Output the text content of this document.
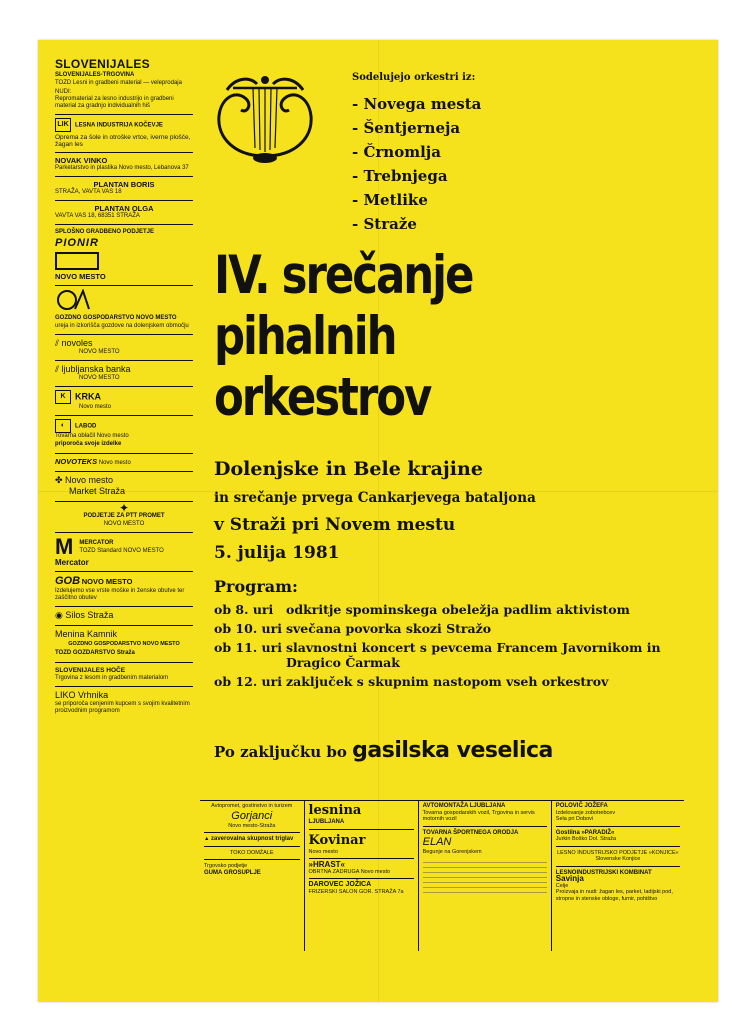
SLOVENIJALES
SLOVENIJALES-TRGOVINA
TOZD Lesni in gradbeni material — veleprodaja
NUDI:
Repromaterial za lesno industrijo in gradbeni material za gradnjo individualnih hiš
LIK LESNA INDUSTRIJA KOČEVJE
Oprema za šole in otroške vrtce, iverne plošče, žagan les
NOVAK VINKO
Parketarstvo in plastika Novo mesto, Lebanova 37
PLANTAN BORIS
STRAŽA, VAVTA VAS 18
PLANTAN OLGA
VAVTA VAS 18, 68351 STRAŽA
SPLOŠNO GRADBENO PODJETJE
PIONIR
NOVO MESTO
GOZDNO GOSPODARSTVO NOVO MESTO
ureja in izkorišča gozdove na dolenjskem območju
⫽ novoles
NOVO MESTO
⫽ ljubljanska banka
NOVO MESTO
K KRKA
Novo mesto
◐ LABOD
Tovarna oblačil Novo mesto
priporoča svoje izdelke
NOVOTEKS Novo mesto
✤ Novo mesto
Market Straža
✦
PODJETJE ZA PTT PROMET
NOVO MESTO
M MERCATOR
TOZD Standard NOVO MESTO
Mercator
GOB NOVO MESTO
Izdelujemo vse vrste moške in ženske obutve ter zaščitno obutev
◉ Silos Straža
Menina Kamnik
GOZDNO GOSPODARSTVO NOVO MESTO
TOZD GOZDARSTVO Straža
SLOVENIJALES HOČE
Trgovina z lesom in gradbenim materialom
LIKO Vrhnika
se priporoča cenjenim kupcem s svojim kvalitetnim proizvodnim programom
Sodelujejo orkestri iz:
- Novega mesta
- Šentjerneja
- Črnomlja
- Trebnjega
- Metlike
- Straže
IV. srečanje
pihalnih
orkestrov
Dolenjske in Bele krajine
in srečanje prvega Cankarjevega bataljona
v Straži pri Novem mestu
5. julija 1981
Program:
ob 8. uri	odkritje spominskega obeležja padlim aktivistom
ob 10. uri svečana povorka skozi Stražo
ob 11. uri slavnostni koncert s pevcema Francem Javornikom in Dragico Čarmak
ob 12. uri zaključek s skupnim nastopom vseh orkestrov
Po zaključku bo gasilska veselica
Avtopromet, gostinstvo in turizem
Gorjanci
Novo mesto-Straža
▲ zaverovalna skupnost triglav
TOKO DOMŽALE
Trgovsko podjetje
GUMA GROSUPLJE
lesnina
LJUBLJANA
Kovinar
Novo mesto
»HRAST«
OBRTNA ZADRUGA Novo mesto
DAROVEC JOŽICA
FRIZERSKI SALON GOR. STRAŽA 7a
AVTOMONTAŽA LJUBLJANA
Tovarna gospodarskih vozil, Trgovina in servis motornih vozil
TOVARNA ŠPORTNEGA ORODJA
ELAN
Begunje na Gorenjskem
POLOVIČ JOŽEFA
Izdelovanje zobotrebcev
Sela pri Dobovi
Gostilna »PARADIŽ«
Jurkin Boško Dol. Straža
LESNO INDUSTRIJSKO PODJETJE »KONJICE«
Slovenske Konjice
LESNOINDUSTRIJSKI KOMBINAT
Savinja
Celje
Proizvaja in nudi: žagan les, parket, ladijski pod, stropne in stenske obloge, furnir, pohištvo
